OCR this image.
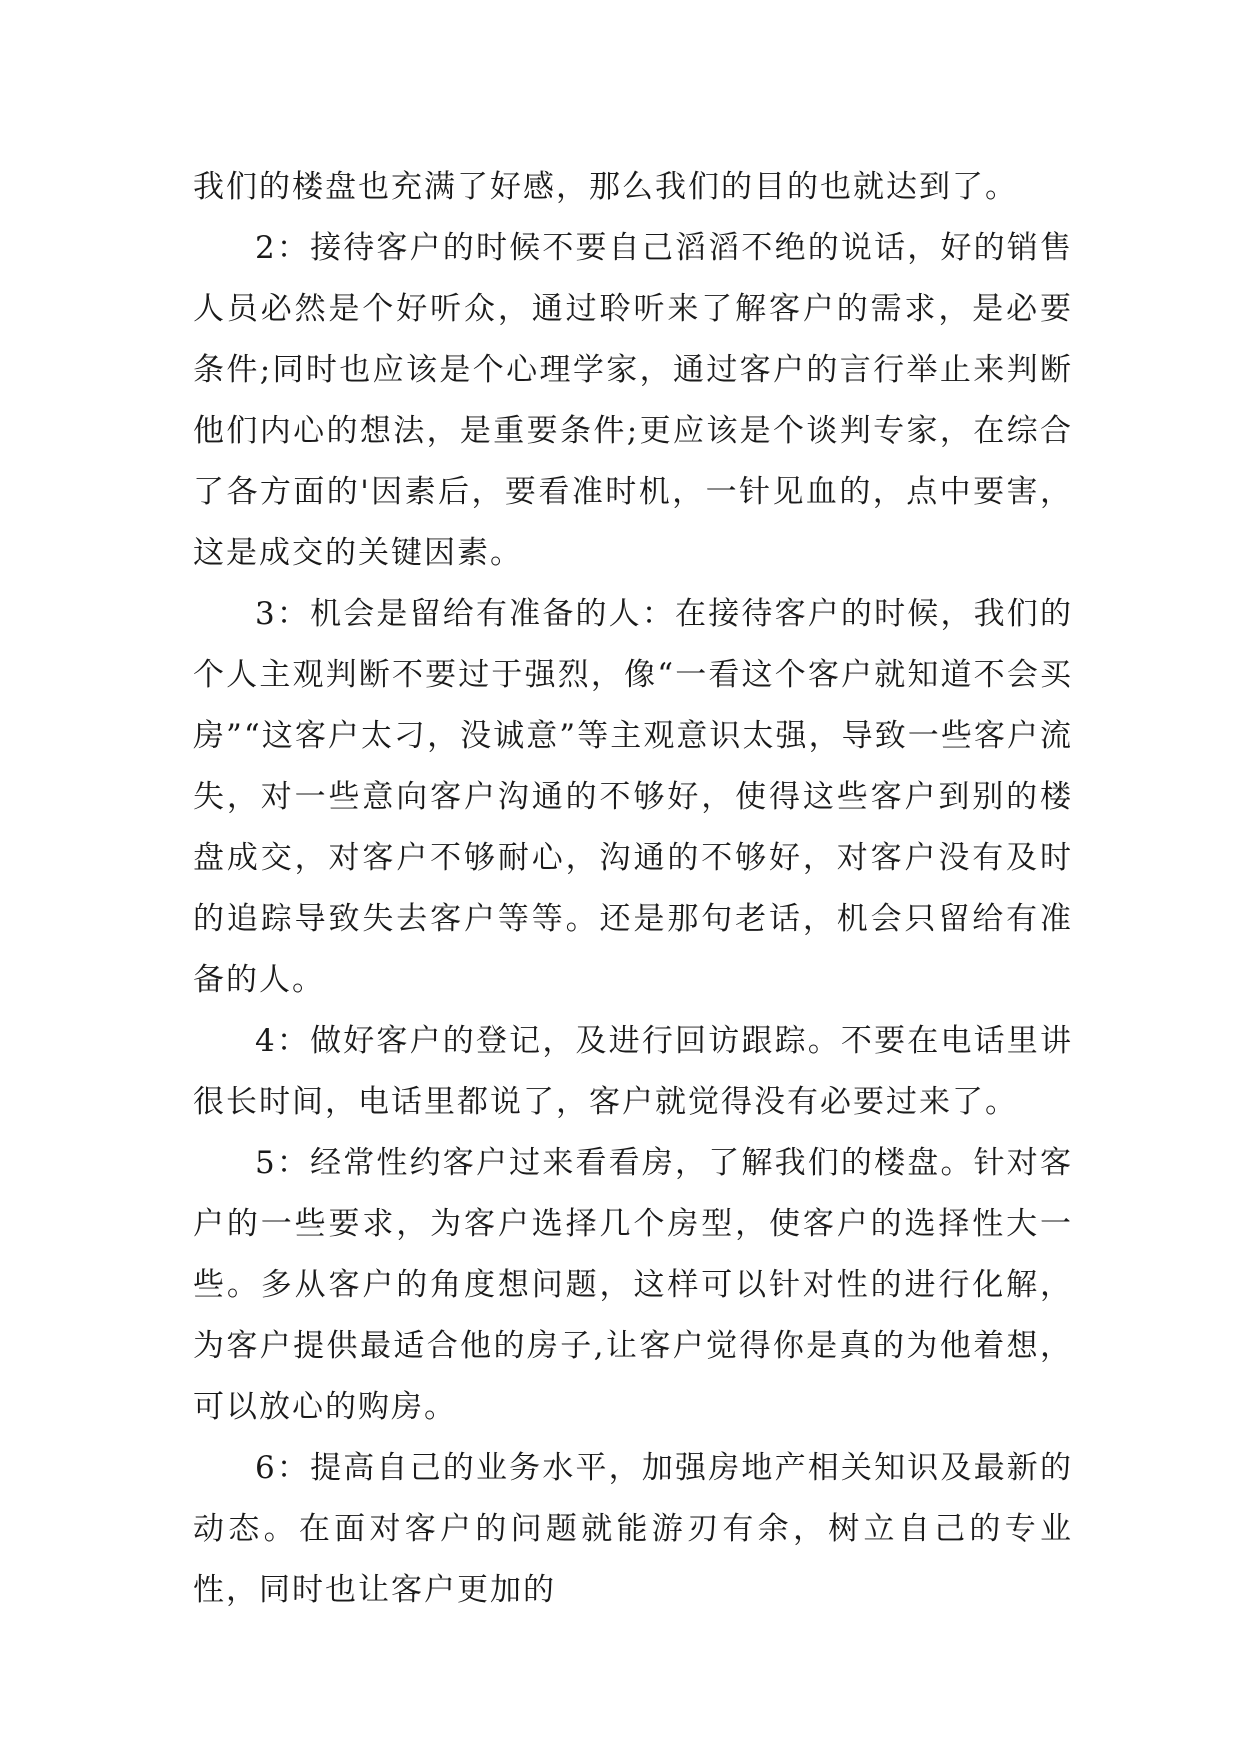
我们的楼盘也充满了好感，那么我们的目的也就达到了。

2：接待客户的时候不要自己滔滔不绝的说话，好的销售人员必然是个好听众，通过聆听来了解客户的需求，是必要条件;同时也应该是个心理学家，通过客户的言行举止来判断他们内心的想法，是重要条件;更应该是个谈判专家，在综合了各方面的'因素后，要看准时机，一针见血的，点中要害，这是成交的关键因素。

3：机会是留给有准备的人：在接待客户的时候，我们的个人主观判断不要过于强烈，像“一看这个客户就知道不会买房”“这客户太刁，没诚意”等主观意识太强，导致一些客户流失，对一些意向客户沟通的不够好，使得这些客户到别的楼盘成交，对客户不够耐心，沟通的不够好，对客户没有及时的追踪导致失去客户等等。还是那句老话，机会只留给有准备的人。

4：做好客户的登记，及进行回访跟踪。不要在电话里讲很长时间，电话里都说了，客户就觉得没有必要过来了。

5：经常性约客户过来看看房，了解我们的楼盘。针对客户的一些要求，为客户选择几个房型，使客户的选择性大一些。多从客户的角度想问题，这样可以针对性的进行化解，为客户提供最适合他的房子,让客户觉得你是真的为他着想，可以放心的购房。

6：提高自己的业务水平，加强房地产相关知识及最新的动态。在面对客户的问题就能游刃有余，树立自己的专业性，同时也让客户更加的
